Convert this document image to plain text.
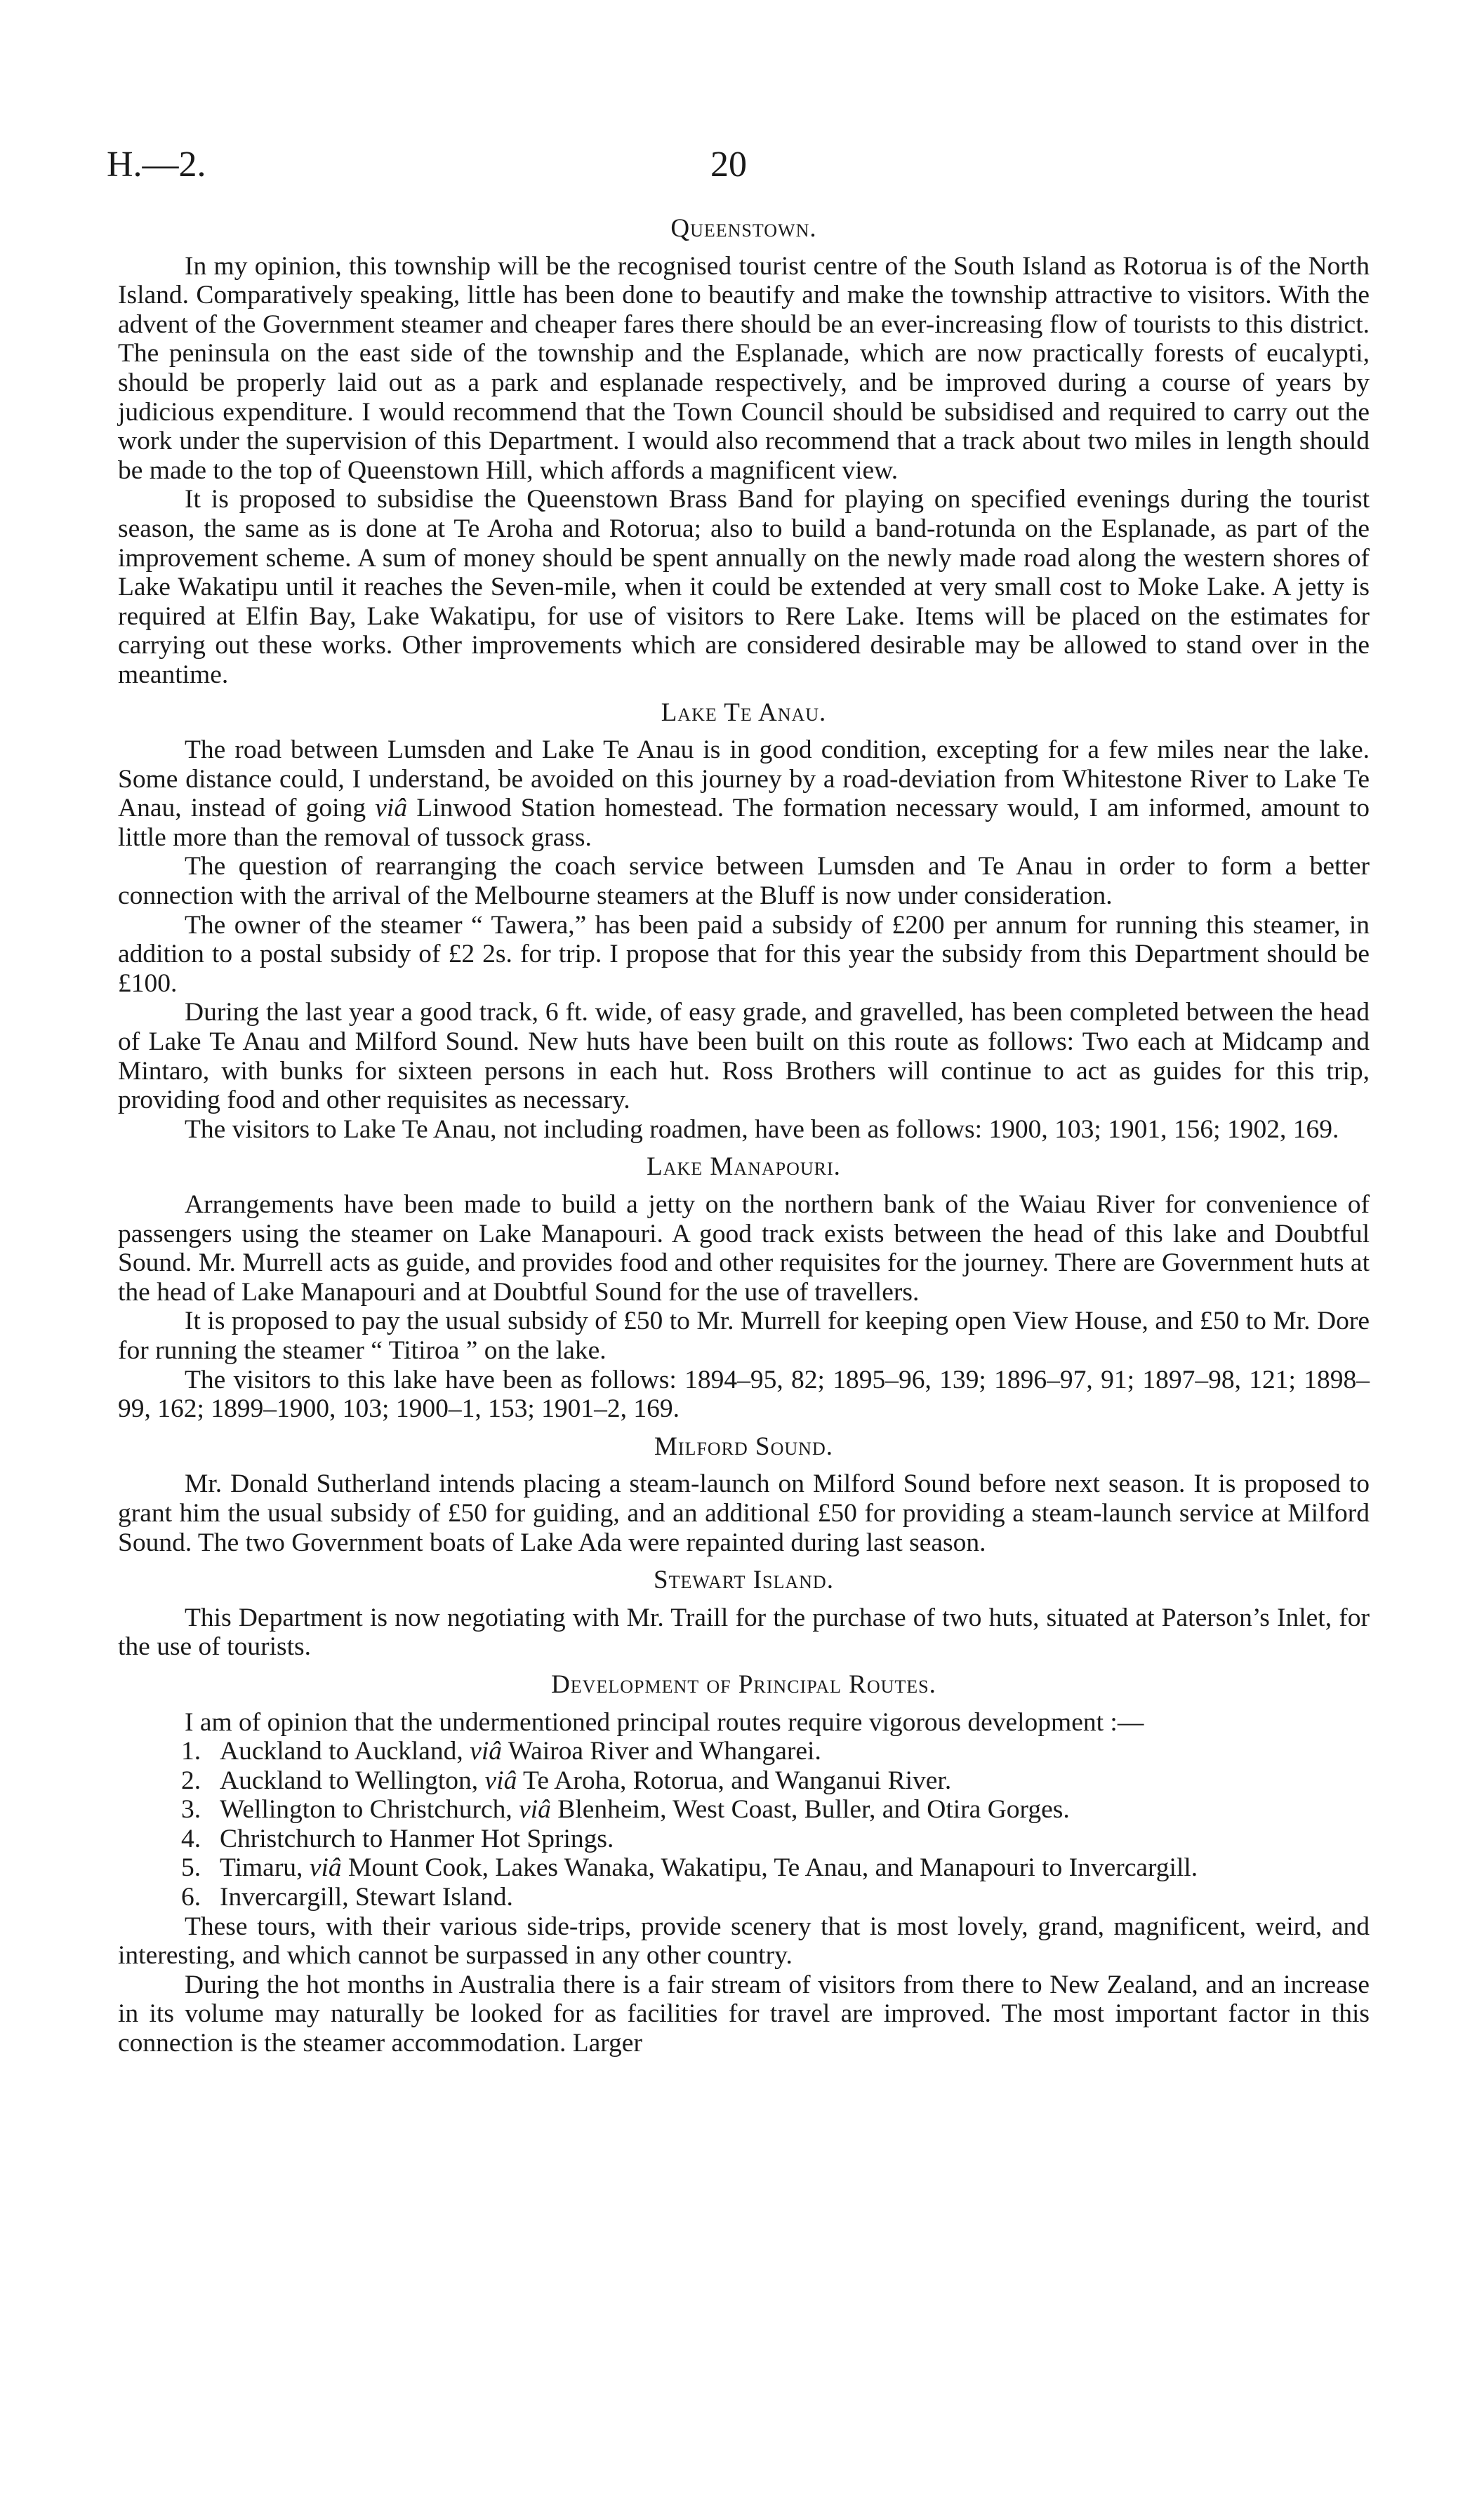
H.—2.	20
Queenstown.

In my opinion, this township will be the recognised tourist centre of the South Island as Rotorua is of the North Island. Comparatively speaking, little has been done to beautify and make the township attractive to visitors. With the advent of the Government steamer and cheaper fares there should be an ever-increasing flow of tourists to this district. The peninsula on the east side of the township and the Esplanade, which are now practically forests of eucalypti, should be properly laid out as a park and esplanade respectively, and be improved during a course of years by judicious expenditure. I would recommend that the Town Council should be subsidised and required to carry out the work under the supervision of this Department. I would also recommend that a track about two miles in length should be made to the top of Queenstown Hill, which affords a magnificent view.

It is proposed to subsidise the Queenstown Brass Band for playing on specified evenings during the tourist season, the same as is done at Te Aroha and Rotorua; also to build a band-rotunda on the Esplanade, as part of the improvement scheme. A sum of money should be spent annually on the newly made road along the western shores of Lake Wakatipu until it reaches the Seven-mile, when it could be extended at very small cost to Moke Lake. A jetty is required at Elfin Bay, Lake Wakatipu, for use of visitors to Rere Lake. Items will be placed on the estimates for carrying out these works. Other improvements which are considered desirable may be allowed to stand over in the meantime.

Lake Te Anau.

The road between Lumsden and Lake Te Anau is in good condition, excepting for a few miles near the lake. Some distance could, I understand, be avoided on this journey by a road-deviation from Whitestone River to Lake Te Anau, instead of going viâ Linwood Station homestead. The formation necessary would, I am informed, amount to little more than the removal of tussock grass.

The question of rearranging the coach service between Lumsden and Te Anau in order to form a better connection with the arrival of the Melbourne steamers at the Bluff is now under consideration.

The owner of the steamer “ Tawera,” has been paid a subsidy of £200 per annum for running this steamer, in addition to a postal subsidy of £2 2s. for trip. I propose that for this year the subsidy from this Department should be £100.

During the last year a good track, 6 ft. wide, of easy grade, and gravelled, has been completed between the head of Lake Te Anau and Milford Sound. New huts have been built on this route as follows: Two each at Midcamp and Mintaro, with bunks for sixteen persons in each hut. Ross Brothers will continue to act as guides for this trip, providing food and other requisites as necessary.

The visitors to Lake Te Anau, not including roadmen, have been as follows: 1900, 103; 1901, 156; 1902, 169.

Lake Manapouri.

Arrangements have been made to build a jetty on the northern bank of the Waiau River for convenience of passengers using the steamer on Lake Manapouri. A good track exists between the head of this lake and Doubtful Sound. Mr. Murrell acts as guide, and provides food and other requisites for the journey. There are Government huts at the head of Lake Manapouri and at Doubtful Sound for the use of travellers.

It is proposed to pay the usual subsidy of £50 to Mr. Murrell for keeping open View House, and £50 to Mr. Dore for running the steamer “ Titiroa ” on the lake.

The visitors to this lake have been as follows: 1894–95, 82; 1895–96, 139; 1896–97, 91; 1897–98, 121; 1898–99, 162; 1899–1900, 103; 1900–1, 153; 1901–2, 169.

Milford Sound.

Mr. Donald Sutherland intends placing a steam-launch on Milford Sound before next season. It is proposed to grant him the usual subsidy of £50 for guiding, and an additional £50 for providing a steam-launch service at Milford Sound. The two Government boats of Lake Ada were repainted during last season.

Stewart Island.

This Department is now negotiating with Mr. Traill for the purchase of two huts, situated at Paterson’s Inlet, for the use of tourists.

Development of Principal Routes.

I am of opinion that the undermentioned principal routes require vigorous development :—

1. Auckland to Auckland, viâ Wairoa River and Whangarei.
2. Auckland to Wellington, viâ Te Aroha, Rotorua, and Wanganui River.
3. Wellington to Christchurch, viâ Blenheim, West Coast, Buller, and Otira Gorges.
4. Christchurch to Hanmer Hot Springs.
5. Timaru, viâ Mount Cook, Lakes Wanaka, Wakatipu, Te Anau, and Manapouri to Invercargill.
6. Invercargill, Stewart Island.

These tours, with their various side-trips, provide scenery that is most lovely, grand, magnificent, weird, and interesting, and which cannot be surpassed in any other country.

During the hot months in Australia there is a fair stream of visitors from there to New Zealand, and an increase in its volume may naturally be looked for as facilities for travel are improved. The most important factor in this connection is the steamer accommodation. Larger
